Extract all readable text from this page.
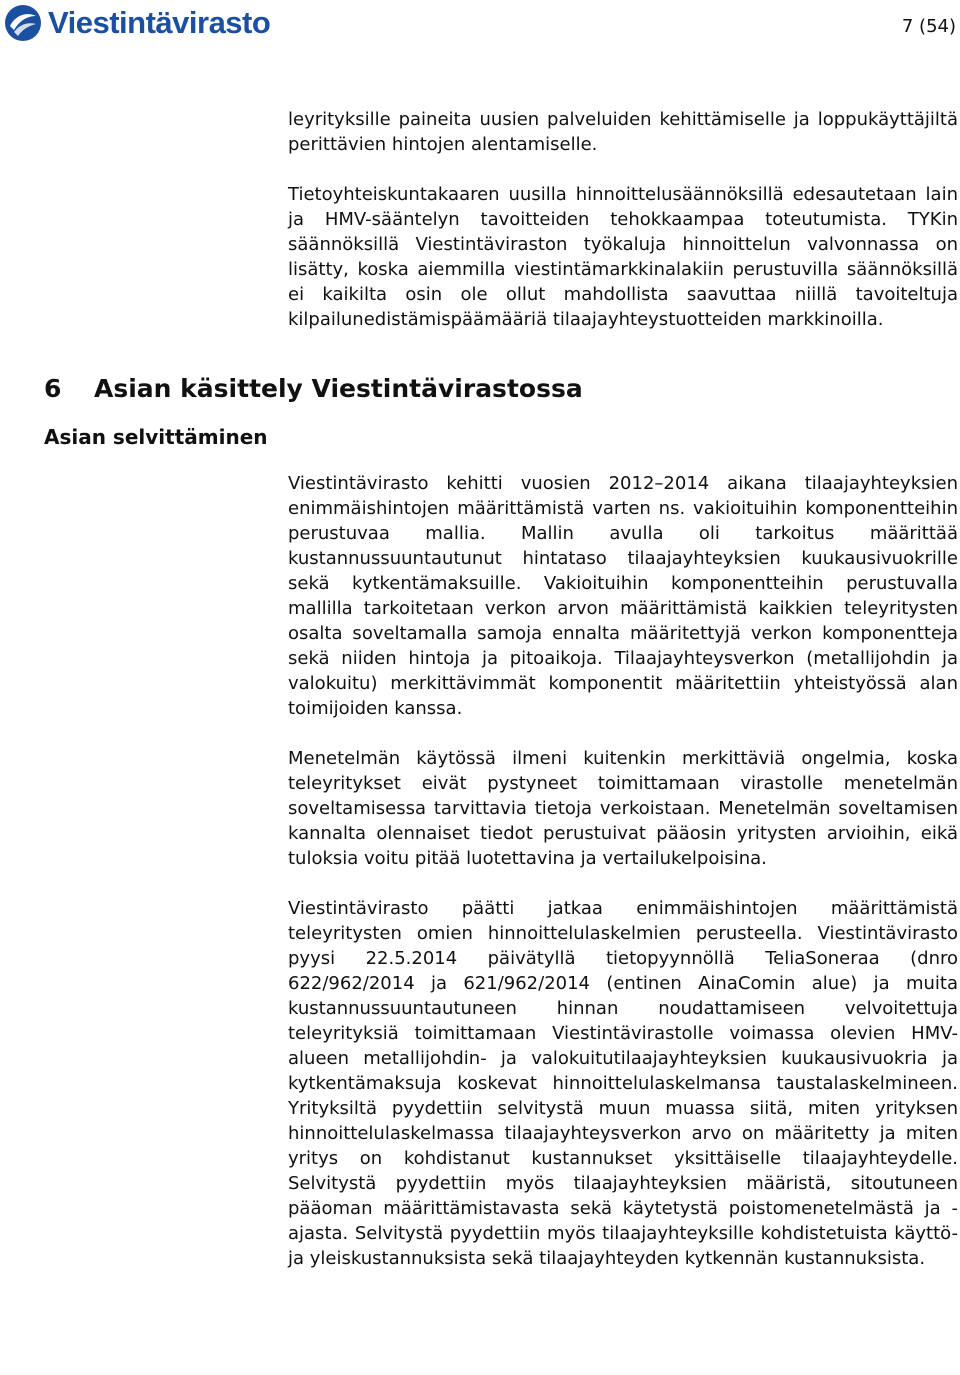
Viestintävirasto	7 (54)

leyrityksille paineita uusien palveluiden kehittämiselle ja loppukäyttäjiltä perittävien hintojen alentamiselle.

Tietoyhteiskuntakaaren uusilla hinnoittelusäännöksillä edesautetaan lain ja HMV-sääntelyn tavoitteiden tehokkaampaa toteutumista. TYKin säännöksillä Viestintäviraston työkaluja hinnoittelun valvonnassa on lisätty, koska aiemmilla viestintämarkkinalakiin perustuvilla säännöksillä ei kaikilta osin ole ollut mahdollista saavuttaa niillä tavoiteltuja kilpailunedistämispäämääriä tilaajayhteystuotteiden markkinoilla.

6 Asian käsittely Viestintävirastossa
Asian selvittäminen

Viestintävirasto kehitti vuosien 2012–2014 aikana tilaajayhteyksien enimmäishintojen määrittämistä varten ns. vakioituihin komponentteihin perustuvaa mallia. Mallin avulla oli tarkoitus määrittää kustannussuuntautunut hintataso tilaajayhteyksien kuukausivuokrille sekä kytkentämaksuille. Vakioituihin komponentteihin perustuvalla mallilla tarkoitetaan verkon arvon määrittämistä kaikkien teleyritysten osalta soveltamalla samoja ennalta määritettyjä verkon komponentteja sekä niiden hintoja ja pitoaikoja. Tilaajayhteysverkon (metallijohdin ja valokuitu) merkittävimmät komponentit määritettiin yhteistyössä alan toimijoiden kanssa.

Menetelmän käytössä ilmeni kuitenkin merkittäviä ongelmia, koska teleyritykset eivät pystyneet toimittamaan virastolle menetelmän soveltamisessa tarvittavia tietoja verkoistaan. Menetelmän soveltamisen kannalta olennaiset tiedot perustuivat pääosin yritysten arvioihin, eikä tuloksia voitu pitää luotettavina ja vertailukelpoisina.

Viestintävirasto päätti jatkaa enimmäishintojen määrittämistä teleyritysten omien hinnoittelulaskelmien perusteella. Viestintävirasto pyysi 22.5.2014 päivätyllä tietopyynnöllä TeliaSoneraa (dnro 622/962/2014 ja 621/962/2014 (entinen AinaComin alue) ja muita kustannussuuntautuneen hinnan noudattamiseen velvoitettuja teleyrityksiä toimittamaan Viestintävirastolle voimassa olevien HMV-alueen metallijohdin- ja valokuitutilaajayhteyksien kuukausivuokria ja kytkentämaksuja koskevat hinnoittelulaskelmansa taustalaskelmineen. Yrityksiltä pyydettiin selvitystä muun muassa siitä, miten yrityksen hinnoittelulaskelmassa tilaajayhteysverkon arvo on määritetty ja miten yritys on kohdistanut kustannukset yksittäiselle tilaajayhteydelle. Selvitystä pyydettiin myös tilaajayhteyksien määristä, sitoutuneen pääoman määrittämistavasta sekä käytetystä poistomenetelmästä ja -ajasta. Selvitystä pyydettiin myös tilaajayhteyksille kohdistetuista käyttö- ja yleiskustannuksista sekä tilaajayhteyden kytkennän kustannuksista.
